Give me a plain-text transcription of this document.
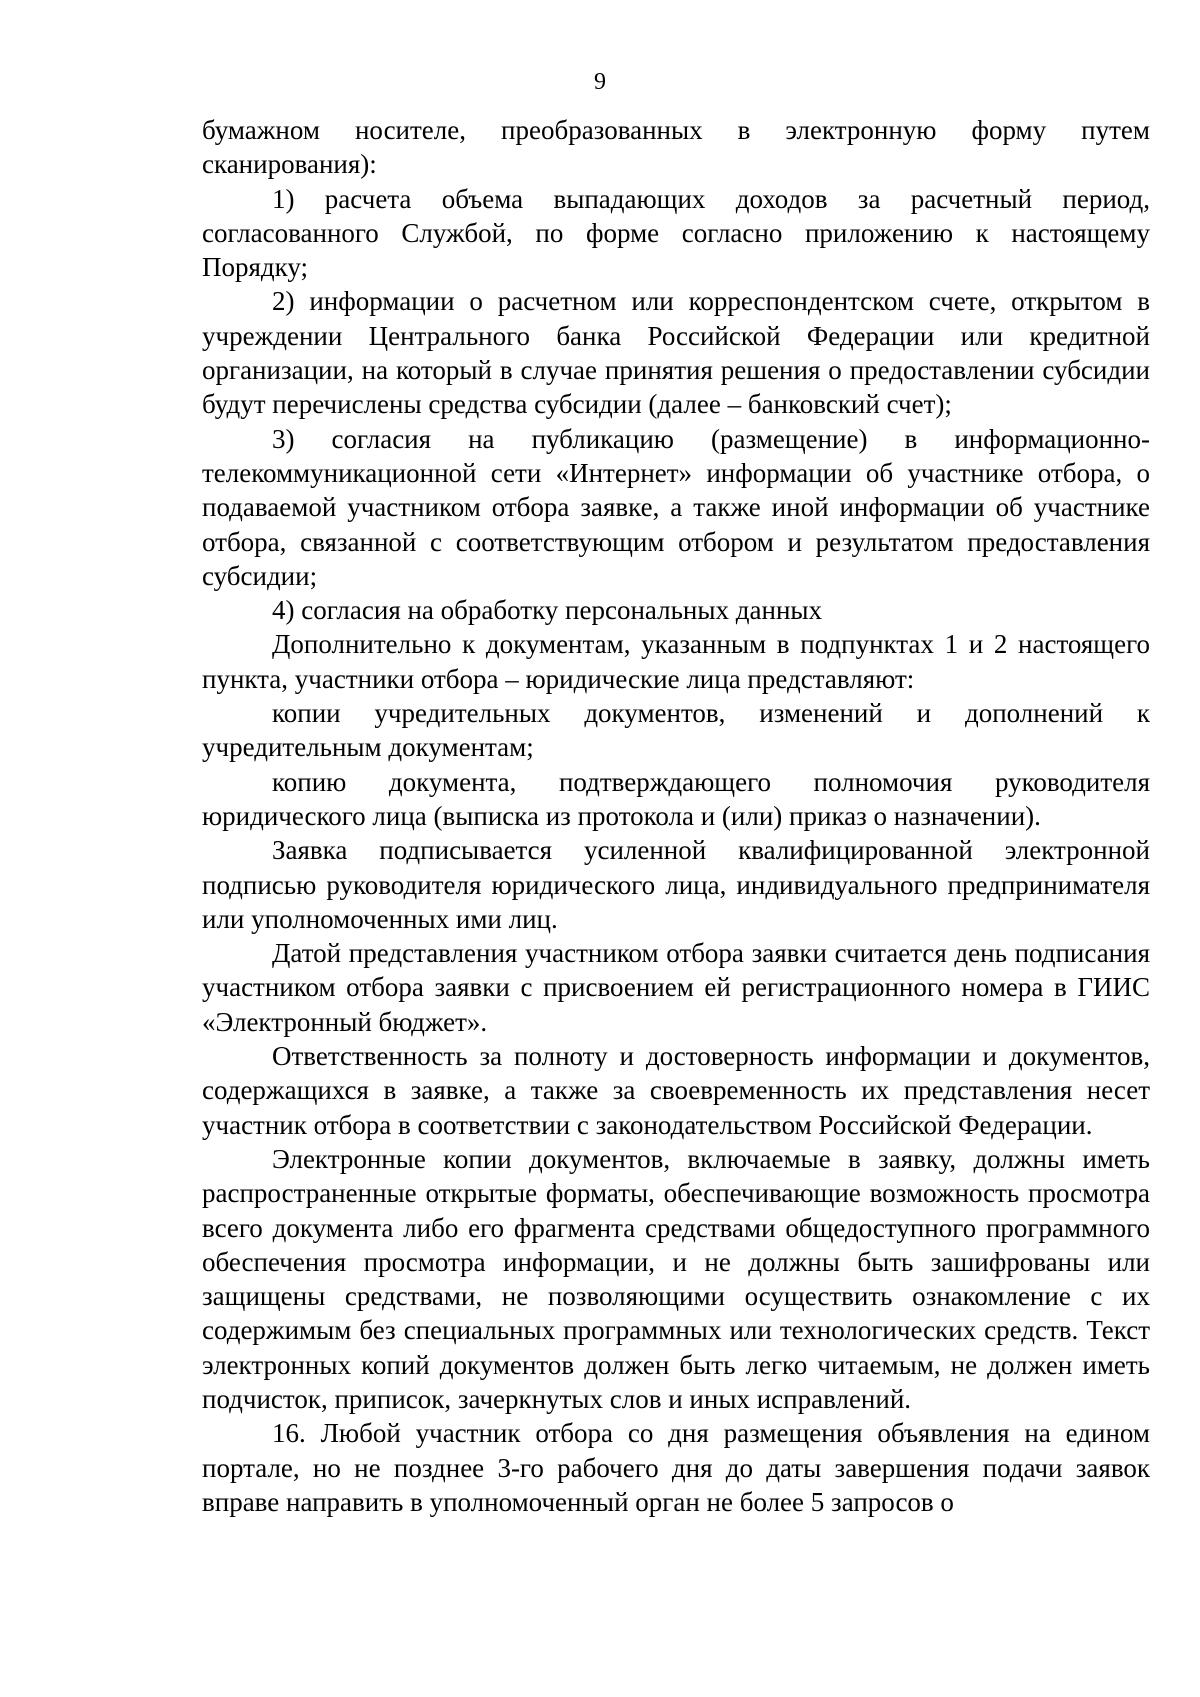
9

бумажном носителе, преобразованных в электронную форму путем сканирования):

1) расчета объема выпадающих доходов за расчетный период, согласованного Службой, по форме согласно приложению к настоящему Порядку;

2) информации о расчетном или корреспондентском счете, открытом в учреждении Центрального банка Российской Федерации или кредитной организации, на который в случае принятия решения о предоставлении субсидии будут перечислены средства субсидии (далее – банковский счет);

3) согласия на публикацию (размещение) в информационно-телекоммуникационной сети «Интернет» информации об участнике отбора, о подаваемой участником отбора заявке, а также иной информации об участнике отбора, связанной с соответствующим отбором и результатом предоставления субсидии;

4) согласия на обработку персональных данных

Дополнительно к документам, указанным в подпунктах 1 и 2 настоящего пункта, участники отбора – юридические лица представляют:

копии учредительных документов, изменений и дополнений к учредительным документам;

копию документа, подтверждающего полномочия руководителя юридического лица (выписка из протокола и (или) приказ о назначении).

Заявка подписывается усиленной квалифицированной электронной подписью руководителя юридического лица, индивидуального предпринимателя или уполномоченных ими лиц.

Датой представления участником отбора заявки считается день подписания участником отбора заявки с присвоением ей регистрационного номера в ГИИС «Электронный бюджет».

Ответственность за полноту и достоверность информации и документов, содержащихся в заявке, а также за своевременность их представления несет участник отбора в соответствии с законодательством Российской Федерации.

Электронные копии документов, включаемые в заявку, должны иметь распространенные открытые форматы, обеспечивающие возможность просмотра всего документа либо его фрагмента средствами общедоступного программного обеспечения просмотра информации, и не должны быть зашифрованы или защищены средствами, не позволяющими осуществить ознакомление с их содержимым без специальных программных или технологических средств. Текст электронных копий документов должен быть легко читаемым, не должен иметь подчисток, приписок, зачеркнутых слов и иных исправлений.

16. Любой участник отбора со дня размещения объявления на едином портале, но не позднее 3-го рабочего дня до даты завершения подачи заявок вправе направить в уполномоченный орган не более 5 запросов о
